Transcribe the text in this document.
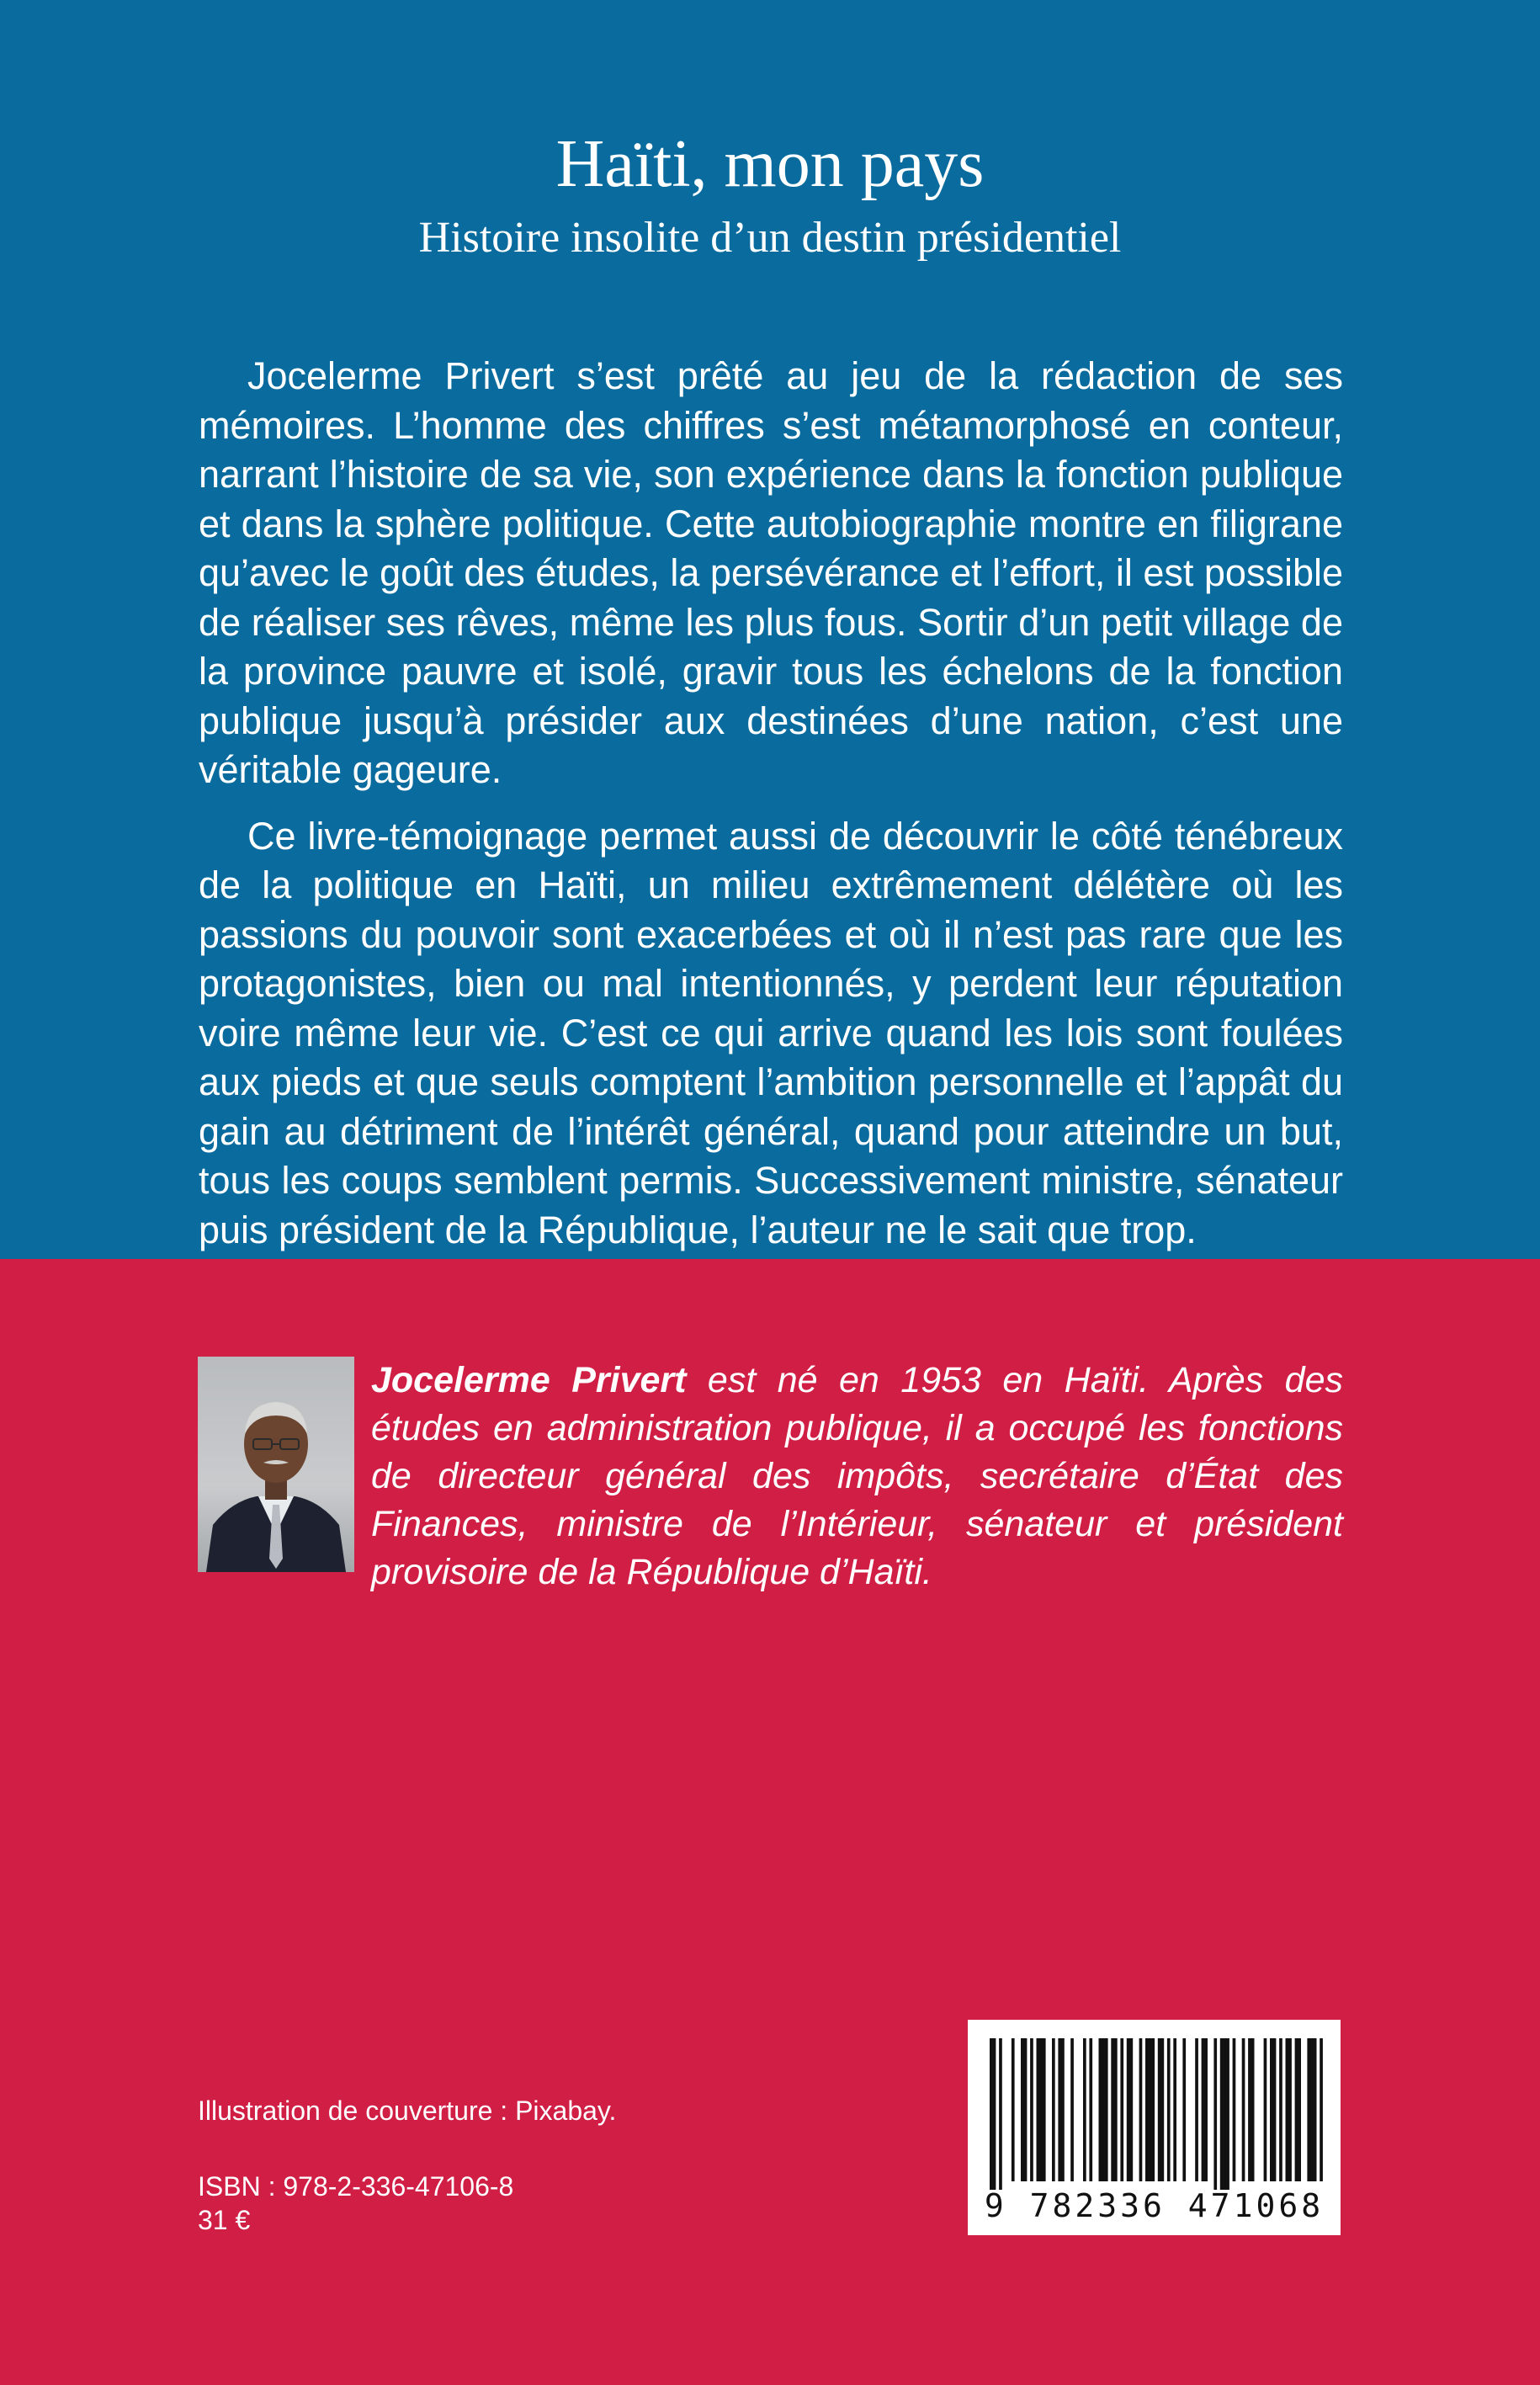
Haïti, mon pays
Histoire insolite d’un destin présidentiel

Jocelerme Privert s’est prêté au jeu de la rédaction de ses mémoires. L’homme des chiffres s’est métamorphosé en conteur, narrant l’histoire de sa vie, son expérience dans la fonction publique et dans la sphère politique. Cette autobiographie montre en filigrane qu’avec le goût des études, la persévérance et l’effort, il est possible de réaliser ses rêves, même les plus fous. Sortir d’un petit village de la province pauvre et isolé, gravir tous les échelons de la fonction publique jusqu’à présider aux destinées d’une nation, c’est une véritable gageure.

Ce livre-témoignage permet aussi de découvrir le côté ténébreux de la politique en Haïti, un milieu extrêmement délétère où les passions du pouvoir sont exacerbées et où il n’est pas rare que les protagonistes, bien ou mal intentionnés, y perdent leur réputation voire même leur vie. C’est ce qui arrive quand les lois sont foulées aux pieds et que seuls comptent l’ambition personnelle et l’appât du gain au détriment de l’intérêt général, quand pour atteindre un but, tous les coups semblent permis. Successivement ministre, sénateur puis président de la République, l’auteur ne le sait que trop.

Jocelerme Privert est né en 1953 en Haïti. Après des études en administration publique, il a occupé les fonctions de directeur général des impôts, secrétaire d’État des Finances, ministre de l’Intérieur, sénateur et président provisoire de la République d’Haïti.
Illustration de couverture : Pixabay.
ISBN : 978-2-336-47106-8
31 €	9 782336 471068
